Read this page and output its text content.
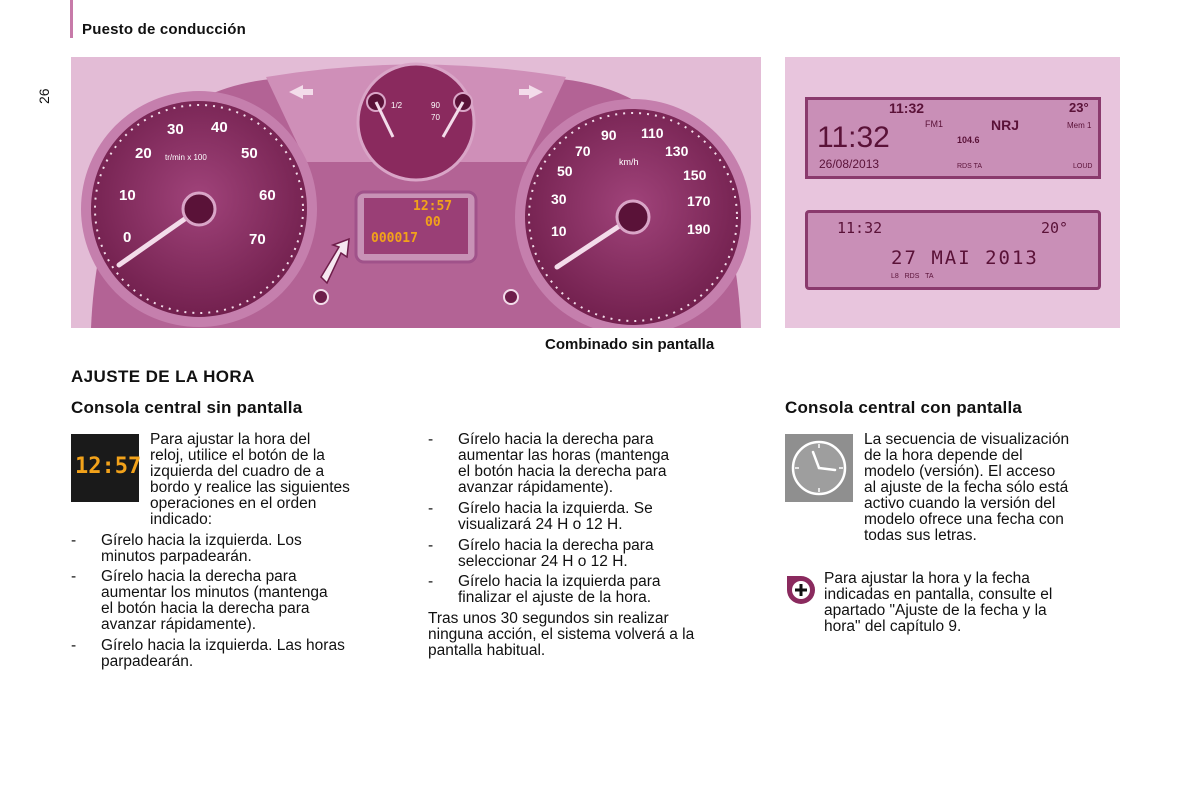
Puesto de conducción
26
0
10
20
30 40
50
60
70
tr/min x 100
10
30
50
70
90 110
130
150
170
190
km/h
1/2	90
70
12:57
00
000017
11:32	23°
FM1	NRJ	Mem 1
11:32	104.6
26/08/2013	RDS TA	LOUD
11:32	20°
27 MAI 2013
L8   RDS   TA
Combinado sin pantalla
AJUSTE DE LA HORA
Consola central sin pantalla
12:57
Para ajustar la hora del
reloj, utilice el botón de la
izquierda del cuadro de a
bordo y realice las siguientes
operaciones en el orden
indicado:
- Gírelo hacia la izquierda. Los
minutos parpadearán.
- Gírelo hacia la derecha para
aumentar los minutos (mantenga
el botón hacia la derecha para
avanzar rápidamente).
- Gírelo hacia la izquierda. Las horas
parpadearán.
- Gírelo hacia la derecha para
aumentar las horas (mantenga
el botón hacia la derecha para
avanzar rápidamente).
- Gírelo hacia la izquierda. Se
visualizará 24 H o 12 H.
- Gírelo hacia la derecha para
seleccionar 24 H o 12 H.
- Gírelo hacia la izquierda para
finalizar el ajuste de la hora.
Tras unos 30 segundos sin realizar
ninguna acción, el sistema volverá a la
pantalla habitual.
Consola central con pantalla
La secuencia de visualización
de la hora depende del
modelo (versión). El acceso
al ajuste de la fecha sólo está
activo cuando la versión del
modelo ofrece una fecha con
todas sus letras.
Para ajustar la hora y la fecha
indicadas en pantalla, consulte el
apartado "Ajuste de la fecha y la
hora" del capítulo 9.
